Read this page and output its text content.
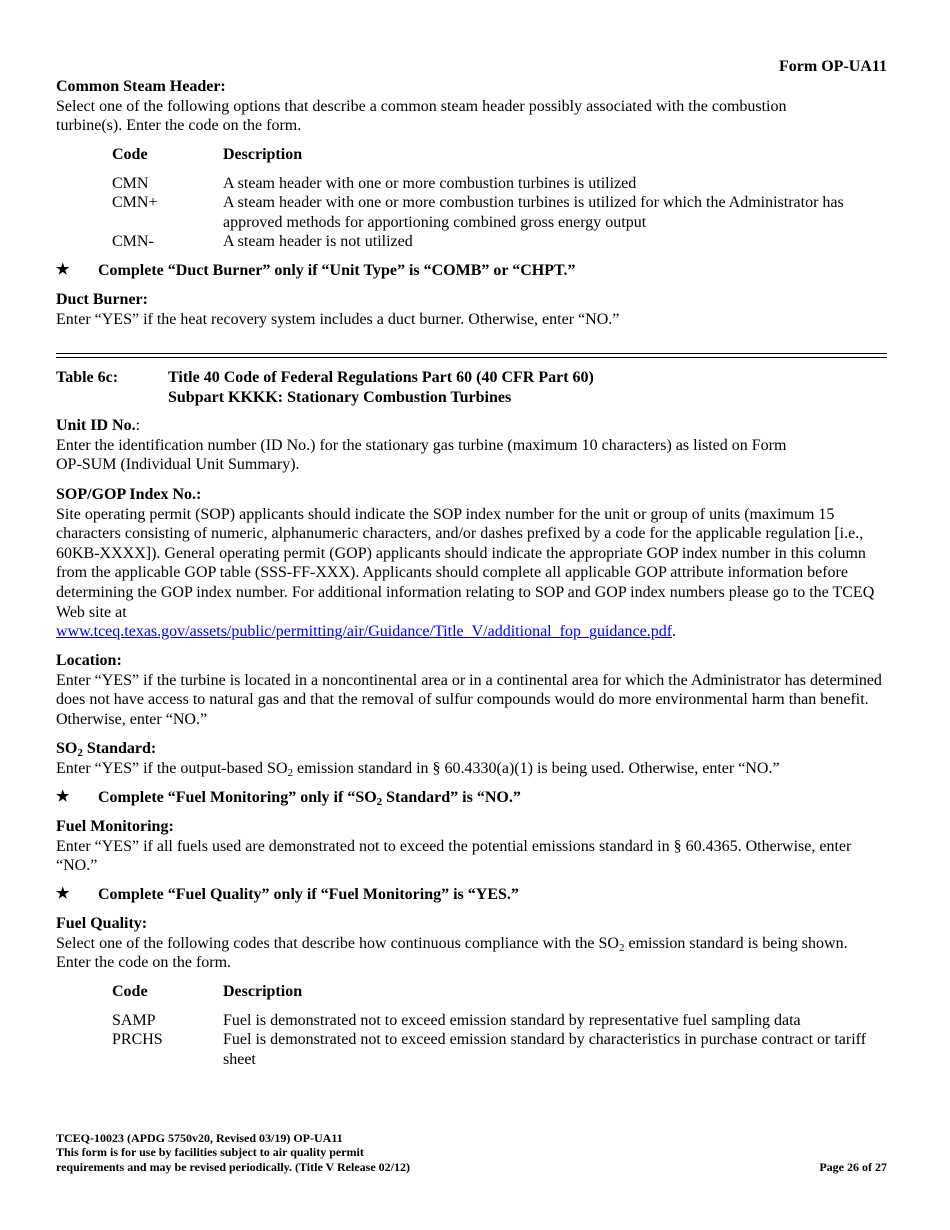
Form OP-UA11

Common Steam Header:

Select one of the following options that describe a common steam header possibly associated with the combustion turbine(s). Enter the code on the form.

Code	Description
CMN	A steam header with one or more combustion turbines is utilized
CMN+	A steam header with one or more combustion turbines is utilized for which the Administrator has approved methods for apportioning combined gross energy output
CMN-	A steam header is not utilized
★	Complete “Duct Burner” only if “Unit Type” is “COMB” or “CHPT.”

Duct Burner:

Enter “YES” if the heat recovery system includes a duct burner. Otherwise, enter “NO.”

Table 6c:	Title 40 Code of Federal Regulations Part 60 (40 CFR Part 60)
Subpart KKKK: Stationary Combustion Turbines

Unit ID No.:

Enter the identification number (ID No.) for the stationary gas turbine (maximum 10 characters) as listed on Form OP-SUM (Individual Unit Summary).

SOP/GOP Index No.:

Site operating permit (SOP) applicants should indicate the SOP index number for the unit or group of units (maximum 15 characters consisting of numeric, alphanumeric characters, and/or dashes prefixed by a code for the applicable regulation [i.e., 60KB-XXXX]). General operating permit (GOP) applicants should indicate the appropriate GOP index number in this column from the applicable GOP table (SSS-FF-XXX). Applicants should complete all applicable GOP attribute information before determining the GOP index number. For additional information relating to SOP and GOP index numbers please go to the TCEQ Web site at
www.tceq.texas.gov/assets/public/permitting/air/Guidance/Title_V/additional_fop_guidance.pdf.

Location:

Enter “YES” if the turbine is located in a noncontinental area or in a continental area for which the Administrator has determined does not have access to natural gas and that the removal of sulfur compounds would do more environmental harm than benefit. Otherwise, enter “NO.”

$SO_2$ Standard:

Enter “YES” if the output-based $SO_2$ emission standard in § 60.4330(a)(1) is being used. Otherwise, enter “NO.”

★	Complete “Fuel Monitoring” only if “$SO_2$ Standard” is “NO.”

Fuel Monitoring:

Enter “YES” if all fuels used are demonstrated not to exceed the potential emissions standard in § 60.4365. Otherwise, enter “NO.”

★	Complete “Fuel Quality” only if “Fuel Monitoring” is “YES.”

Fuel Quality:

Select one of the following codes that describe how continuous compliance with the $SO_2$ emission standard is being shown. Enter the code on the form.

Code	Description
SAMP	Fuel is demonstrated not to exceed emission standard by representative fuel sampling data
PRCHS	Fuel is demonstrated not to exceed emission standard by characteristics in purchase contract or tariff sheet
TCEQ-10023 (APDG 5750v20, Revised 03/19) OP-UA11
This form is for use by facilities subject to air quality permit
requirements and may be revised periodically. (Title V Release 02/12)	Page 26 of 27
